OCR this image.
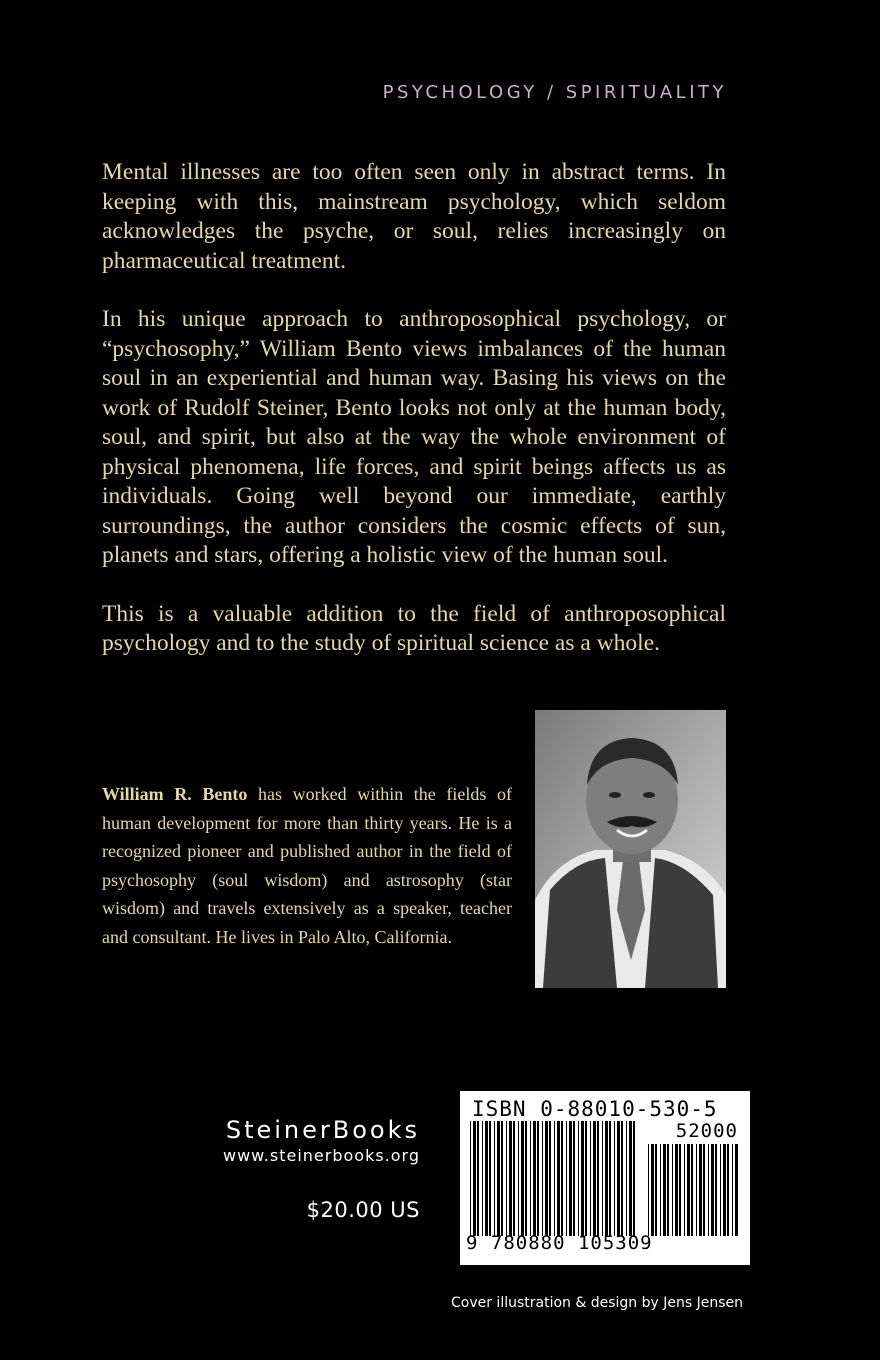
PSYCHOLOGY / SPIRITUALITY

Mental illnesses are too often seen only in abstract terms. In keeping with this, mainstream psychology, which seldom acknowledges the psyche, or soul, relies increasingly on pharmaceutical treatment.

In his unique approach to anthroposophical psychology, or “psychosophy,” William Bento views imbalances of the human soul in an experiential and human way. Basing his views on the work of Rudolf Steiner, Bento looks not only at the human body, soul, and spirit, but also at the way the whole environment of physical phenomena, life forces, and spirit beings affects us as individuals. Going well beyond our immediate, earthly surroundings, the author considers the cosmic effects of sun, planets and stars, offering a holistic view of the human soul.

This is a valuable addition to the field of anthroposophical psychology and to the study of spiritual science as a whole.

William R. Bento has worked within the fields of human development for more than thirty years. He is a recognized pioneer and published author in the field of psychosophy (soul wisdom) and astrosophy (star wisdom) and travels extensively as a speaker, teacher and consultant. He lives in Palo Alto, California.
SteinerBooks
www.steinerbooks.org
$20.00 US
ISBN 0-88010-530-5
52000
9 780880 105309
Cover illustration & design by Jens Jensen
